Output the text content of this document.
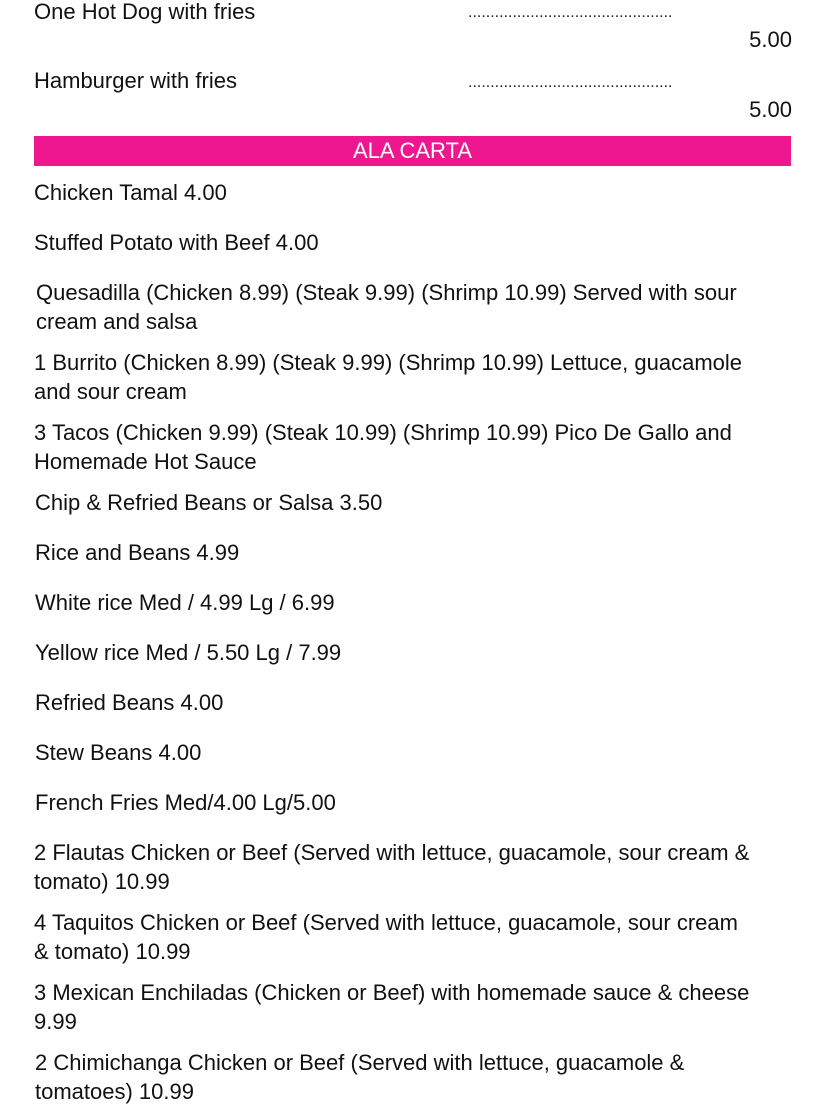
One Hot Dog with fries	..............................................
5.00
Hamburger with fries	..............................................
5.00
ALA CARTA
Chicken Tamal 4.00
Stuffed Potato with Beef 4.00
Quesadilla (Chicken 8.99) (Steak 9.99) (Shrimp 10.99) Served with sour cream and salsa
1 Burrito (Chicken 8.99) (Steak 9.99) (Shrimp 10.99) Lettuce, guacamole and sour cream
3 Tacos (Chicken 9.99) (Steak 10.99) (Shrimp 10.99) Pico De Gallo and Homemade Hot Sauce
Chip & Refried Beans or Salsa 3.50
Rice and Beans 4.99
White rice Med / 4.99 Lg / 6.99
Yellow rice Med / 5.50 Lg / 7.99
Refried Beans 4.00
Stew Beans 4.00
French Fries Med/4.00 Lg/5.00
2 Flautas Chicken or Beef (Served with lettuce, guacamole, sour cream & tomato) 10.99
4 Taquitos Chicken or Beef (Served with lettuce, guacamole, sour cream & tomato) 10.99
3 Mexican Enchiladas (Chicken or Beef) with homemade sauce & cheese 9.99
2 Chimichanga Chicken or Beef (Served with lettuce, guacamole & tomatoes) 10.99
